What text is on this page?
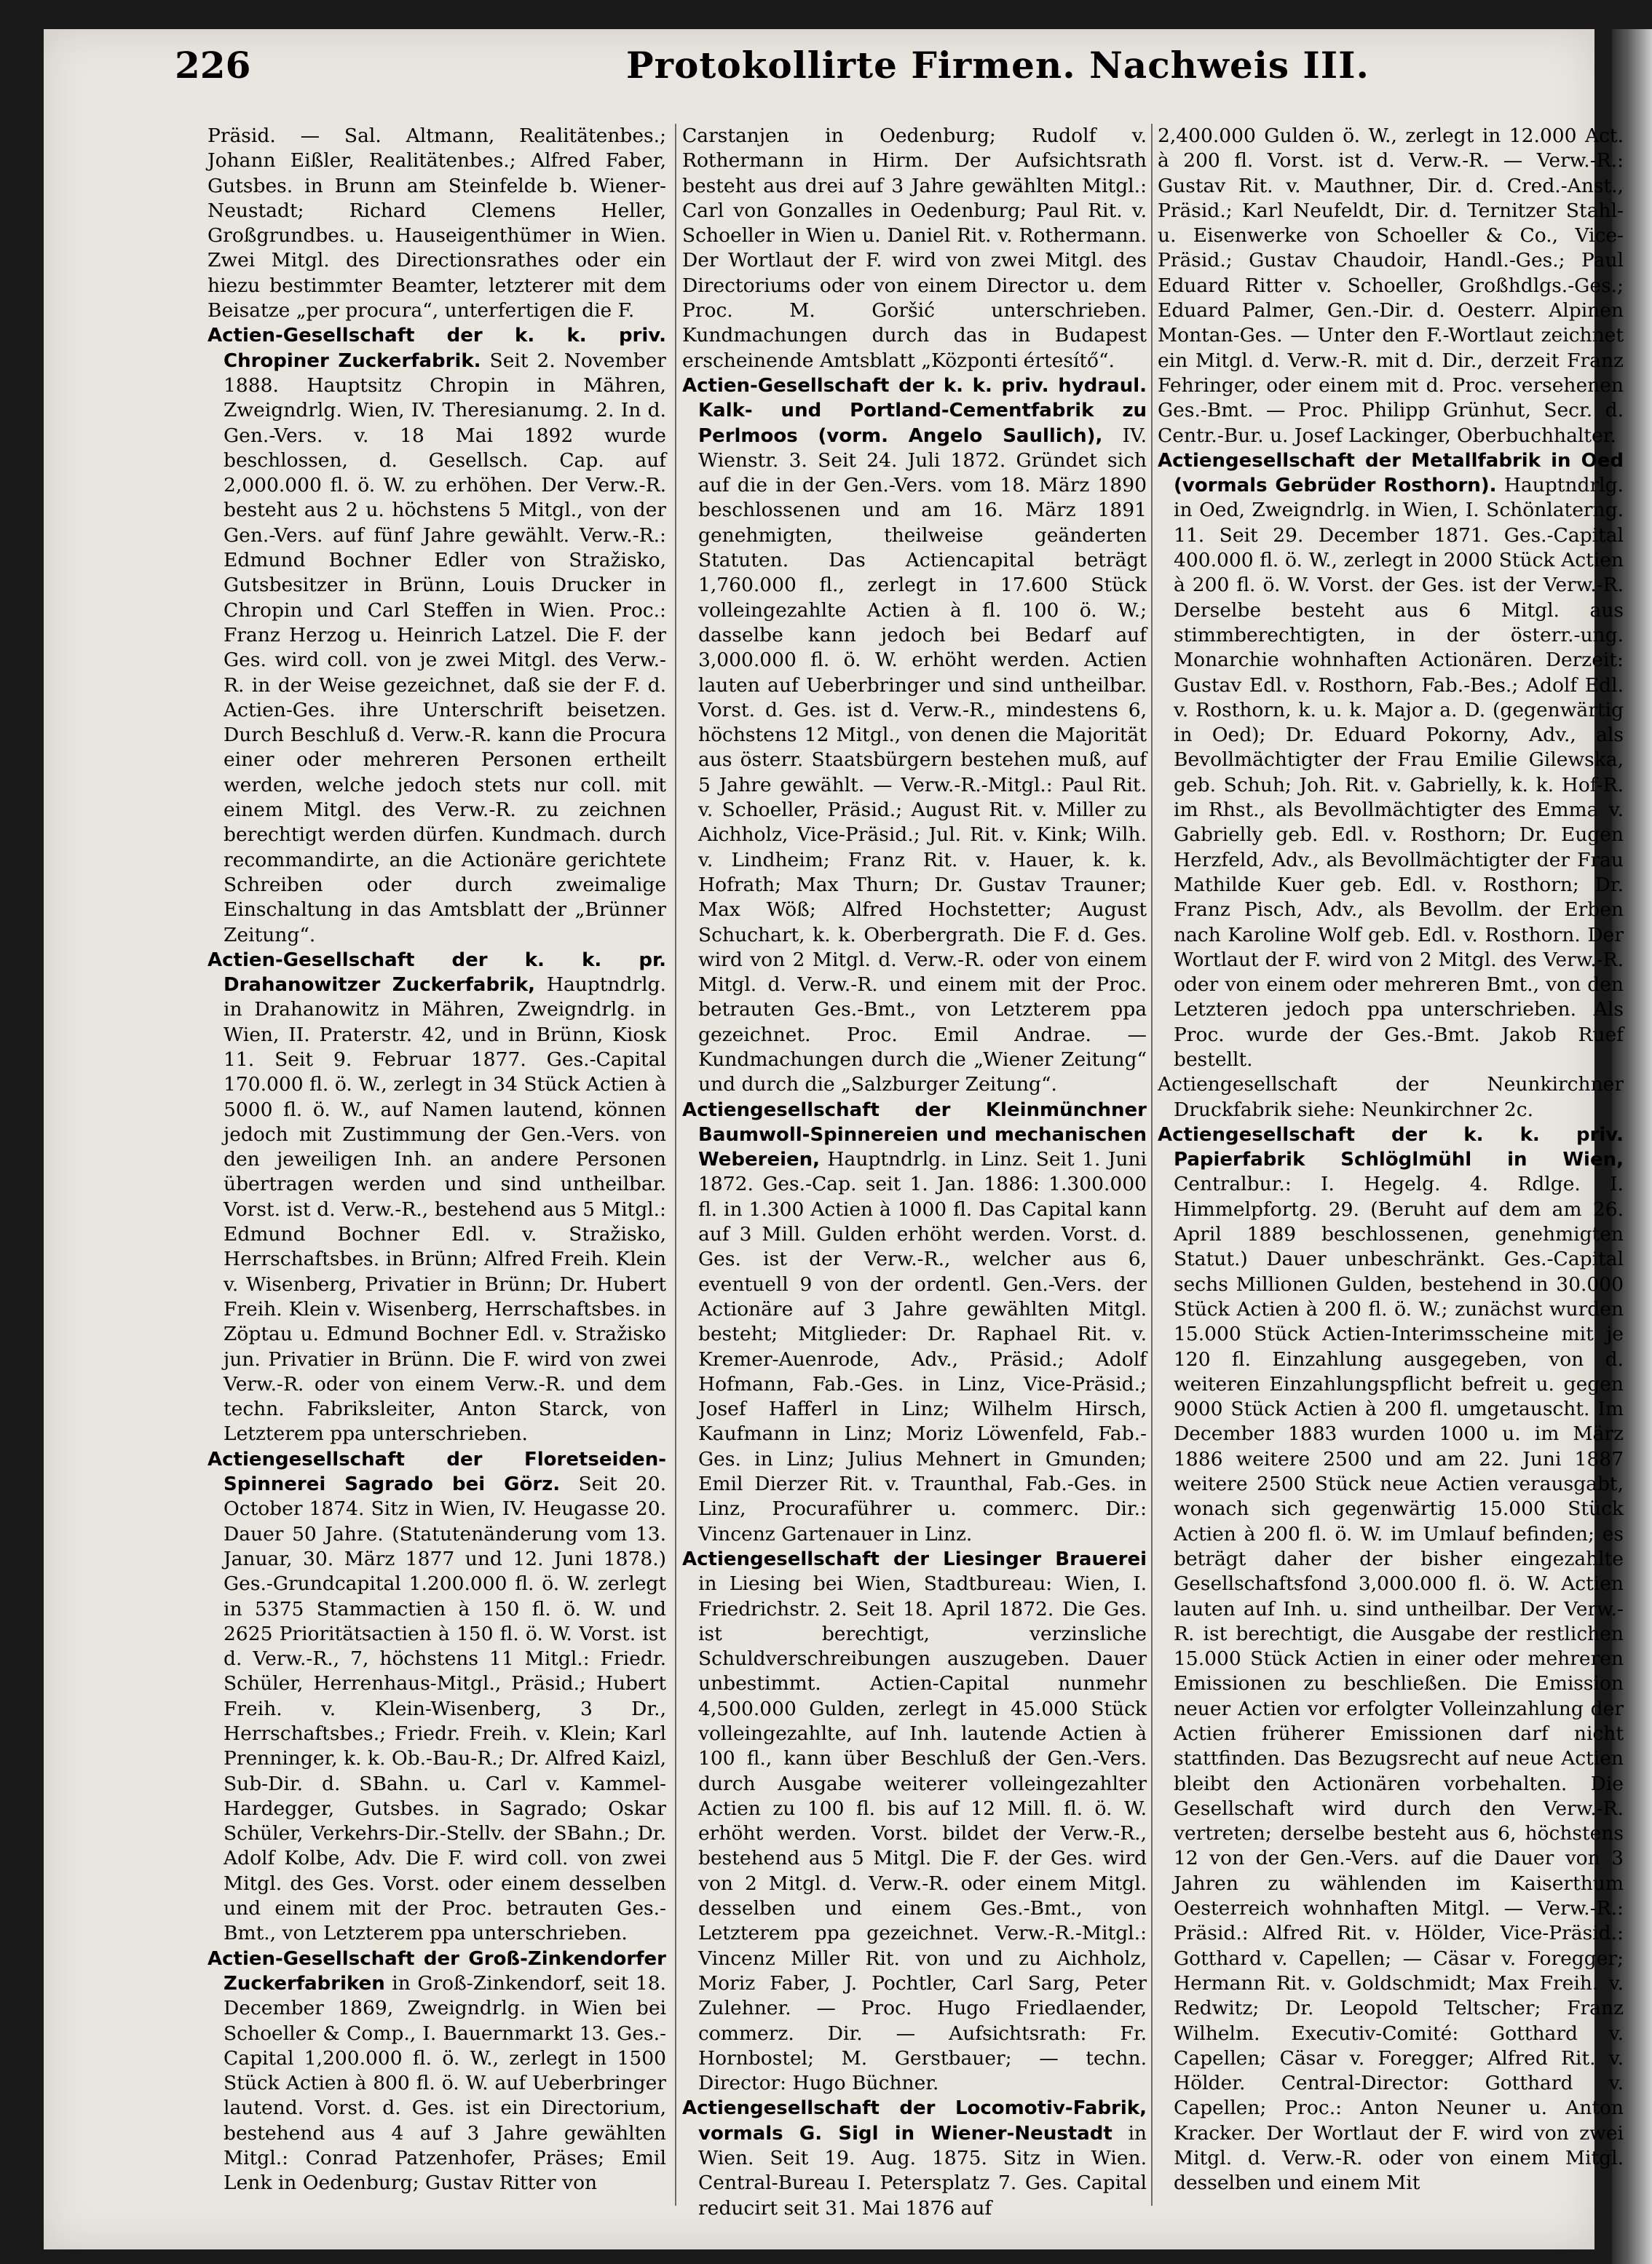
226	Protokollirte Firmen. Nachweis III.

Präsid. — Sal. Altmann, Realitätenbes.; Johann Eißler, Realitätenbes.; Alfred Faber, Gutsbes. in Brunn am Steinfelde b. Wiener-Neustadt; Richard Clemens Heller, Großgrundbes. u. Hauseigenthümer in Wien. Zwei Mitgl. des Directionsrathes oder ein hiezu bestimmter Beamter, letzterer mit dem Beisatze „per procura“, unterfertigen die F.

Actien-Gesellschaft der k. k. priv. Chropiner Zuckerfabrik. Seit 2. November 1888. Hauptsitz Chropin in Mähren, Zweigndrlg. Wien, IV. Theresianumg. 2. In d. Gen.-Vers. v. 18 Mai 1892 wurde beschlossen, d. Gesellsch. Cap. auf 2,000.000 fl. ö. W. zu erhöhen. Der Verw.-R. besteht aus 2 u. höchstens 5 Mitgl., von der Gen.-Vers. auf fünf Jahre gewählt. Verw.-R.: Edmund Bochner Edler von Stražisko, Gutsbesitzer in Brünn, Louis Drucker in Chropin und Carl Steffen in Wien. Proc.: Franz Herzog u. Heinrich Latzel. Die F. der Ges. wird coll. von je zwei Mitgl. des Verw.-R. in der Weise gezeichnet, daß sie der F. d. Actien-Ges. ihre Unterschrift beisetzen. Durch Beschluß d. Verw.-R. kann die Procura einer oder mehreren Personen ertheilt werden, welche jedoch stets nur coll. mit einem Mitgl. des Verw.-R. zu zeichnen berechtigt werden dürfen. Kundmach. durch recommandirte, an die Actionäre gerichtete Schreiben oder durch zweimalige Einschaltung in das Amtsblatt der „Brünner Zeitung“.

Actien-Gesellschaft der k. k. pr. Drahanowitzer Zuckerfabrik, Hauptndrlg. in Drahanowitz in Mähren, Zweigndrlg. in Wien, II. Praterstr. 42, und in Brünn, Kiosk 11. Seit 9. Februar 1877. Ges.-Capital 170.000 fl. ö. W., zerlegt in 34 Stück Actien à 5000 fl. ö. W., auf Namen lautend, können jedoch mit Zustimmung der Gen.-Vers. von den jeweiligen Inh. an andere Personen übertragen werden und sind untheilbar. Vorst. ist d. Verw.-R., bestehend aus 5 Mitgl.: Edmund Bochner Edl. v. Stražisko, Herrschaftsbes. in Brünn; Alfred Freih. Klein v. Wisenberg, Privatier in Brünn; Dr. Hubert Freih. Klein v. Wisenberg, Herrschaftsbes. in Zöptau u. Edmund Bochner Edl. v. Stražisko jun. Privatier in Brünn. Die F. wird von zwei Verw.-R. oder von einem Verw.-R. und dem techn. Fabriksleiter, Anton Starck, von Letzterem ppa unterschrieben.

Actiengesellschaft der Floretseiden-Spinnerei Sagrado bei Görz. Seit 20. October 1874. Sitz in Wien, IV. Heugasse 20. Dauer 50 Jahre. (Statutenänderung vom 13. Januar, 30. März 1877 und 12. Juni 1878.) Ges.-Grundcapital 1.200.000 fl. ö. W. zerlegt in 5375 Stammactien à 150 fl. ö. W. und 2625 Prioritätsactien à 150 fl. ö. W. Vorst. ist d. Verw.-R., 7, höchstens 11 Mitgl.: Friedr. Schüler, Herrenhaus-Mitgl., Präsid.; Hubert Freih. v. Klein-Wisenberg, 3 Dr., Herrschaftsbes.; Friedr. Freih. v. Klein; Karl Prenninger, k. k. Ob.-Bau-R.; Dr. Alfred Kaizl, Sub-Dir. d. SBahn. u. Carl v. Kammel-Hardegger, Gutsbes. in Sagrado; Oskar Schüler, Verkehrs-Dir.-Stellv. der SBahn.; Dr. Adolf Kolbe, Adv. Die F. wird coll. von zwei Mitgl. des Ges. Vorst. oder einem desselben und einem mit der Proc. betrauten Ges.-Bmt., von Letzterem ppa unterschrieben.

Actien-Gesellschaft der Groß-Zinkendorfer Zuckerfabriken in Groß-Zinkendorf, seit 18. December 1869, Zweigndrlg. in Wien bei Schoeller & Comp., I. Bauernmarkt 13. Ges.-Capital 1,200.000 fl. ö. W., zerlegt in 1500 Stück Actien à 800 fl. ö. W. auf Ueberbringer lautend. Vorst. d. Ges. ist ein Directorium, bestehend aus 4 auf 3 Jahre gewählten Mitgl.: Conrad Patzenhofer, Präses; Emil Lenk in Oedenburg; Gustav Ritter von

Carstanjen in Oedenburg; Rudolf v. Rothermann in Hirm. Der Aufsichtsrath besteht aus drei auf 3 Jahre gewählten Mitgl.: Carl von Gonzalles in Oedenburg; Paul Rit. v. Schoeller in Wien u. Daniel Rit. v. Rothermann. Der Wortlaut der F. wird von zwei Mitgl. des Directoriums oder von einem Director u. dem Proc. M. Goršić unterschrieben. Kundmachungen durch das in Budapest erscheinende Amtsblatt „Központi értesítő“.

Actien-Gesellschaft der k. k. priv. hydraul. Kalk- und Portland-Cementfabrik zu Perlmoos (vorm. Angelo Saullich), IV. Wienstr. 3. Seit 24. Juli 1872. Gründet sich auf die in der Gen.-Vers. vom 18. März 1890 beschlossenen und am 16. März 1891 genehmigten, theilweise geänderten Statuten. Das Actiencapital beträgt 1,760.000 fl., zerlegt in 17.600 Stück volleingezahlte Actien à fl. 100 ö. W.; dasselbe kann jedoch bei Bedarf auf 3,000.000 fl. ö. W. erhöht werden. Actien lauten auf Ueberbringer und sind untheilbar. Vorst. d. Ges. ist d. Verw.-R., mindestens 6, höchstens 12 Mitgl., von denen die Majorität aus österr. Staatsbürgern bestehen muß, auf 5 Jahre gewählt. — Verw.-R.-Mitgl.: Paul Rit. v. Schoeller, Präsid.; August Rit. v. Miller zu Aichholz, Vice-Präsid.; Jul. Rit. v. Kink; Wilh. v. Lindheim; Franz Rit. v. Hauer, k. k. Hofrath; Max Thurn; Dr. Gustav Trauner; Max Wöß; Alfred Hochstetter; August Schuchart, k. k. Oberbergrath. Die F. d. Ges. wird von 2 Mitgl. d. Verw.-R. oder von einem Mitgl. d. Verw.-R. und einem mit der Proc. betrauten Ges.-Bmt., von Letzterem ppa gezeichnet. Proc. Emil Andrae. — Kundmachungen durch die „Wiener Zeitung“ und durch die „Salzburger Zeitung“.

Actiengesellschaft der Kleinmünchner Baumwoll-Spinnereien und mechanischen Webereien, Hauptndrlg. in Linz. Seit 1. Juni 1872. Ges.-Cap. seit 1. Jan. 1886: 1.300.000 fl. in 1.300 Actien à 1000 fl. Das Capital kann auf 3 Mill. Gulden erhöht werden. Vorst. d. Ges. ist der Verw.-R., welcher aus 6, eventuell 9 von der ordentl. Gen.-Vers. der Actionäre auf 3 Jahre gewählten Mitgl. besteht; Mitglieder: Dr. Raphael Rit. v. Kremer-Auenrode, Adv., Präsid.; Adolf Hofmann, Fab.-Ges. in Linz, Vice-Präsid.; Josef Hafferl in Linz; Wilhelm Hirsch, Kaufmann in Linz; Moriz Löwenfeld, Fab.-Ges. in Linz; Julius Mehnert in Gmunden; Emil Dierzer Rit. v. Traunthal, Fab.-Ges. in Linz, Procuraführer u. commerc. Dir.: Vincenz Gartenauer in Linz.

Actiengesellschaft der Liesinger Brauerei in Liesing bei Wien, Stadtbureau: Wien, I. Friedrichstr. 2. Seit 18. April 1872. Die Ges. ist berechtigt, verzinsliche Schuldverschreibungen auszugeben. Dauer unbestimmt. Actien-Capital nunmehr 4,500.000 Gulden, zerlegt in 45.000 Stück volleingezahlte, auf Inh. lautende Actien à 100 fl., kann über Beschluß der Gen.-Vers. durch Ausgabe weiterer volleingezahlter Actien zu 100 fl. bis auf 12 Mill. fl. ö. W. erhöht werden. Vorst. bildet der Verw.-R., bestehend aus 5 Mitgl. Die F. der Ges. wird von 2 Mitgl. d. Verw.-R. oder einem Mitgl. desselben und einem Ges.-Bmt., von Letzterem ppa gezeichnet. Verw.-R.-Mitgl.: Vincenz Miller Rit. von und zu Aichholz, Moriz Faber, J. Pochtler, Carl Sarg, Peter Zulehner. — Proc. Hugo Friedlaender, commerz. Dir. — Aufsichtsrath: Fr. Hornbostel; M. Gerstbauer; — techn. Director: Hugo Büchner.

Actiengesellschaft der Locomotiv-Fabrik, vormals G. Sigl in Wiener-Neustadt in Wien. Seit 19. Aug. 1875. Sitz in Wien. Central-Bureau I. Petersplatz 7. Ges. Capital reducirt seit 31. Mai 1876 auf

2,400.000 Gulden ö. W., zerlegt in 12.000 Act. à 200 fl. Vorst. ist d. Verw.-R. — Verw.-R.: Gustav Rit. v. Mauthner, Dir. d. Cred.-Anst., Präsid.; Karl Neufeldt, Dir. d. Ternitzer Stahl- u. Eisenwerke von Schoeller & Co., Vice-Präsid.; Gustav Chaudoir, Handl.-Ges.; Paul Eduard Ritter v. Schoeller, Großhdlgs.-Ges.; Eduard Palmer, Gen.-Dir. d. Oesterr. Alpinen Montan-Ges. — Unter den F.-Wortlaut zeichnet ein Mitgl. d. Verw.-R. mit d. Dir., derzeit Franz Fehringer, oder einem mit d. Proc. versehenen Ges.-Bmt. — Proc. Philipp Grünhut, Secr. d. Centr.-Bur. u. Josef Lackinger, Oberbuchhalter.

Actiengesellschaft der Metallfabrik in Oed (vormals Gebrüder Rosthorn). Hauptndrlg. in Oed, Zweigndrlg. in Wien, I. Schönlaterng. 11. Seit 29. December 1871. Ges.-Capital 400.000 fl. ö. W., zerlegt in 2000 Stück Actien à 200 fl. ö. W. Vorst. der Ges. ist der Verw.-R. Derselbe besteht aus 6 Mitgl. aus stimmberechtigten, in der österr.-ung. Monarchie wohnhaften Actionären. Derzeit: Gustav Edl. v. Rosthorn, Fab.-Bes.; Adolf Edl. v. Rosthorn, k. u. k. Major a. D. (gegenwärtig in Oed); Dr. Eduard Pokorny, Adv., als Bevollmächtigter der Frau Emilie Gilewska, geb. Schuh; Joh. Rit. v. Gabrielly, k. k. Hof-R. im Rhst., als Bevollmächtigter des Emma v. Gabrielly geb. Edl. v. Rosthorn; Dr. Eugen Herzfeld, Adv., als Bevollmächtigter der Frau Mathilde Kuer geb. Edl. v. Rosthorn; Dr. Franz Pisch, Adv., als Bevollm. der Erben nach Karoline Wolf geb. Edl. v. Rosthorn. Der Wortlaut der F. wird von 2 Mitgl. des Verw.-R. oder von einem oder mehreren Bmt., von den Letzteren jedoch ppa unterschrieben. Als Proc. wurde der Ges.-Bmt. Jakob Ruef bestellt.

Actiengesellschaft der Neunkirchner Druckfabrik siehe: Neunkirchner 2c.

Actiengesellschaft der k. k. priv. Papierfabrik Schlöglmühl in Wien, Centralbur.: I. Hegelg. 4. Rdlge. I. Himmelpfortg. 29. (Beruht auf dem am 26. April 1889 beschlossenen, genehmigten Statut.) Dauer unbeschränkt. Ges.-Capital sechs Millionen Gulden, bestehend in 30.000 Stück Actien à 200 fl. ö. W.; zunächst wurden 15.000 Stück Actien-Interimsscheine mit je 120 fl. Einzahlung ausgegeben, von d. weiteren Einzahlungspflicht befreit u. gegen 9000 Stück Actien à 200 fl. umgetauscht. Im December 1883 wurden 1000 u. im März 1886 weitere 2500 und am 22. Juni 1887 weitere 2500 Stück neue Actien verausgabt, wonach sich gegenwärtig 15.000 Stück Actien à 200 fl. ö. W. im Umlauf befinden; es beträgt daher der bisher eingezahlte Gesellschaftsfond 3,000.000 fl. ö. W. Actien lauten auf Inh. u. sind untheilbar. Der Verw.-R. ist berechtigt, die Ausgabe der restlichen 15.000 Stück Actien in einer oder mehreren Emissionen zu beschließen. Die Emission neuer Actien vor erfolgter Volleinzahlung der Actien früherer Emissionen darf nicht stattfinden. Das Bezugsrecht auf neue Actien bleibt den Actionären vorbehalten. Die Gesellschaft wird durch den Verw.-R. vertreten; derselbe besteht aus 6, höchstens 12 von der Gen.-Vers. auf die Dauer von 3 Jahren zu wählenden im Kaiserthum Oesterreich wohnhaften Mitgl. — Verw.-R.: Präsid.: Alfred Rit. v. Hölder, Vice-Präsid.: Gotthard v. Capellen; — Cäsar v. Foregger; Hermann Rit. v. Goldschmidt; Max Freih. v. Redwitz; Dr. Leopold Teltscher; Franz Wilhelm. Executiv-Comité: Gotthard v. Capellen; Cäsar v. Foregger; Alfred Rit. v. Hölder. Central-Director: Gotthard v. Capellen; Proc.: Anton Neuner u. Anton Kracker. Der Wortlaut der F. wird von zwei Mitgl. d. Verw.-R. oder von einem Mitgl. desselben und einem Mit
